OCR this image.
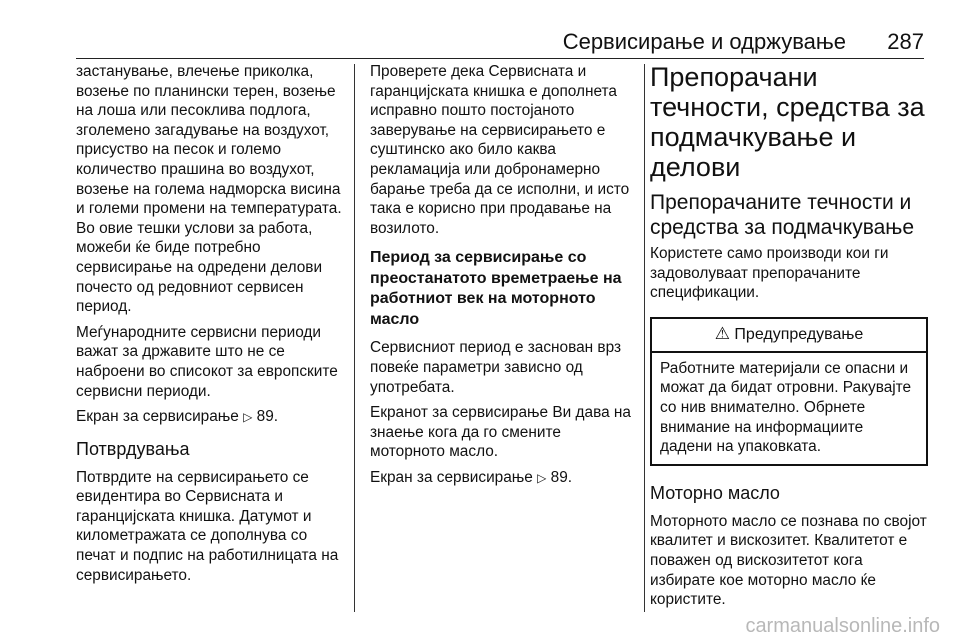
Сервисирање и одржување 287

застанување, влечење приколка, возење по планински терен, возење на лоша или песоклива подлога, зголемено загадување на воздухот, присуство на песок и големо количество прашина во воздухот, возење на голема надморска висина и големи промени на температурата. Во овие тешки услови за работа, можеби ќе биде потребно сервисирање на одредени делови почесто од редовниот сервисен период.

Меѓународните сервисни периоди важат за државите што не се наброени во списокот за европските сервисни периоди.

Екран за сервисирање ▷ 89.

Потврдувања

Потврдите на сервисирањето се евидентира во Сервисната и гаранцијската книшка. Датумот и километражата се дополнува со печат и подпис на работилницата на сервисирањето.

Проверете дека Сервисната и гаранцијската книшка е дополнета исправно пошто постојаното заверување на сервисирањето е суштинско ако било каква рекламација или добронамерно барање треба да се исполни, и исто така е корисно при продавање на возилото.

Период за сервисирање со преостанатото времетраење на работниот век на моторното масло

Сервисниот период е заснован врз повеќе параметри зависно од употребата.

Екранот за сервисирање Ви дава на знаење кога да го смените моторното масло.

Екран за сервисирање ▷ 89.

Препорачани течности, средства за подмачкување и делови
Препорачаните течности и средства за подмачкување

Користете само производи кои ги задоволуваат препорачаните спецификации.

⚠ Предупредување
Работните материјали се опасни и можат да бидат отровни. Ракувајте со нив внимателно. Обрнете внимание на информациите дадени на упаковката.
Моторно масло

Моторното масло се познава по својот квалитет и вискозитет. Квалитетот е поважен од вискозитетот кога избирате кое моторно масло ќе користите.

carmanualsonline.info
